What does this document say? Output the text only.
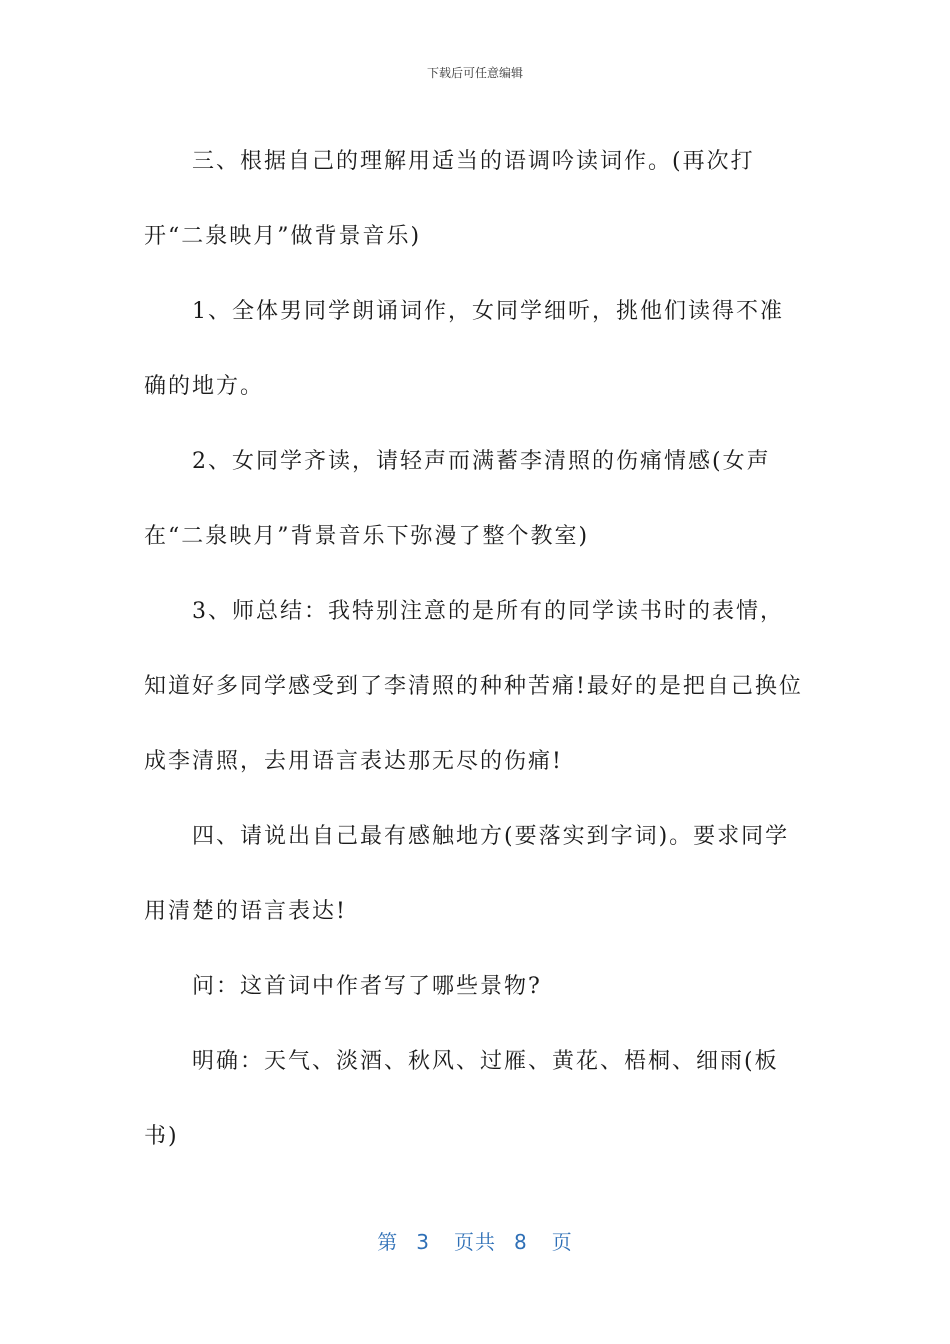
下载后可任意编辑

三、根据自己的理解用适当的语调吟读词作。(再次打开“二泉映月”做背景音乐)

1、全体男同学朗诵词作，女同学细听，挑他们读得不准确的地方。

2、女同学齐读，请轻声而满蓄李清照的伤痛情感(女声在“二泉映月”背景音乐下弥漫了整个教室)

3、师总结：我特别注意的是所有的同学读书时的表情，知道好多同学感受到了李清照的种种苦痛!最好的是把自己换位成李清照，去用语言表达那无尽的伤痛!

四、请说出自己最有感触地方(要落实到字词)。要求同学用清楚的语言表达!

问：这首词中作者写了哪些景物?

明确：天气、淡酒、秋风、过雁、黄花、梧桐、细雨(板书)

第 3 页共 8 页
